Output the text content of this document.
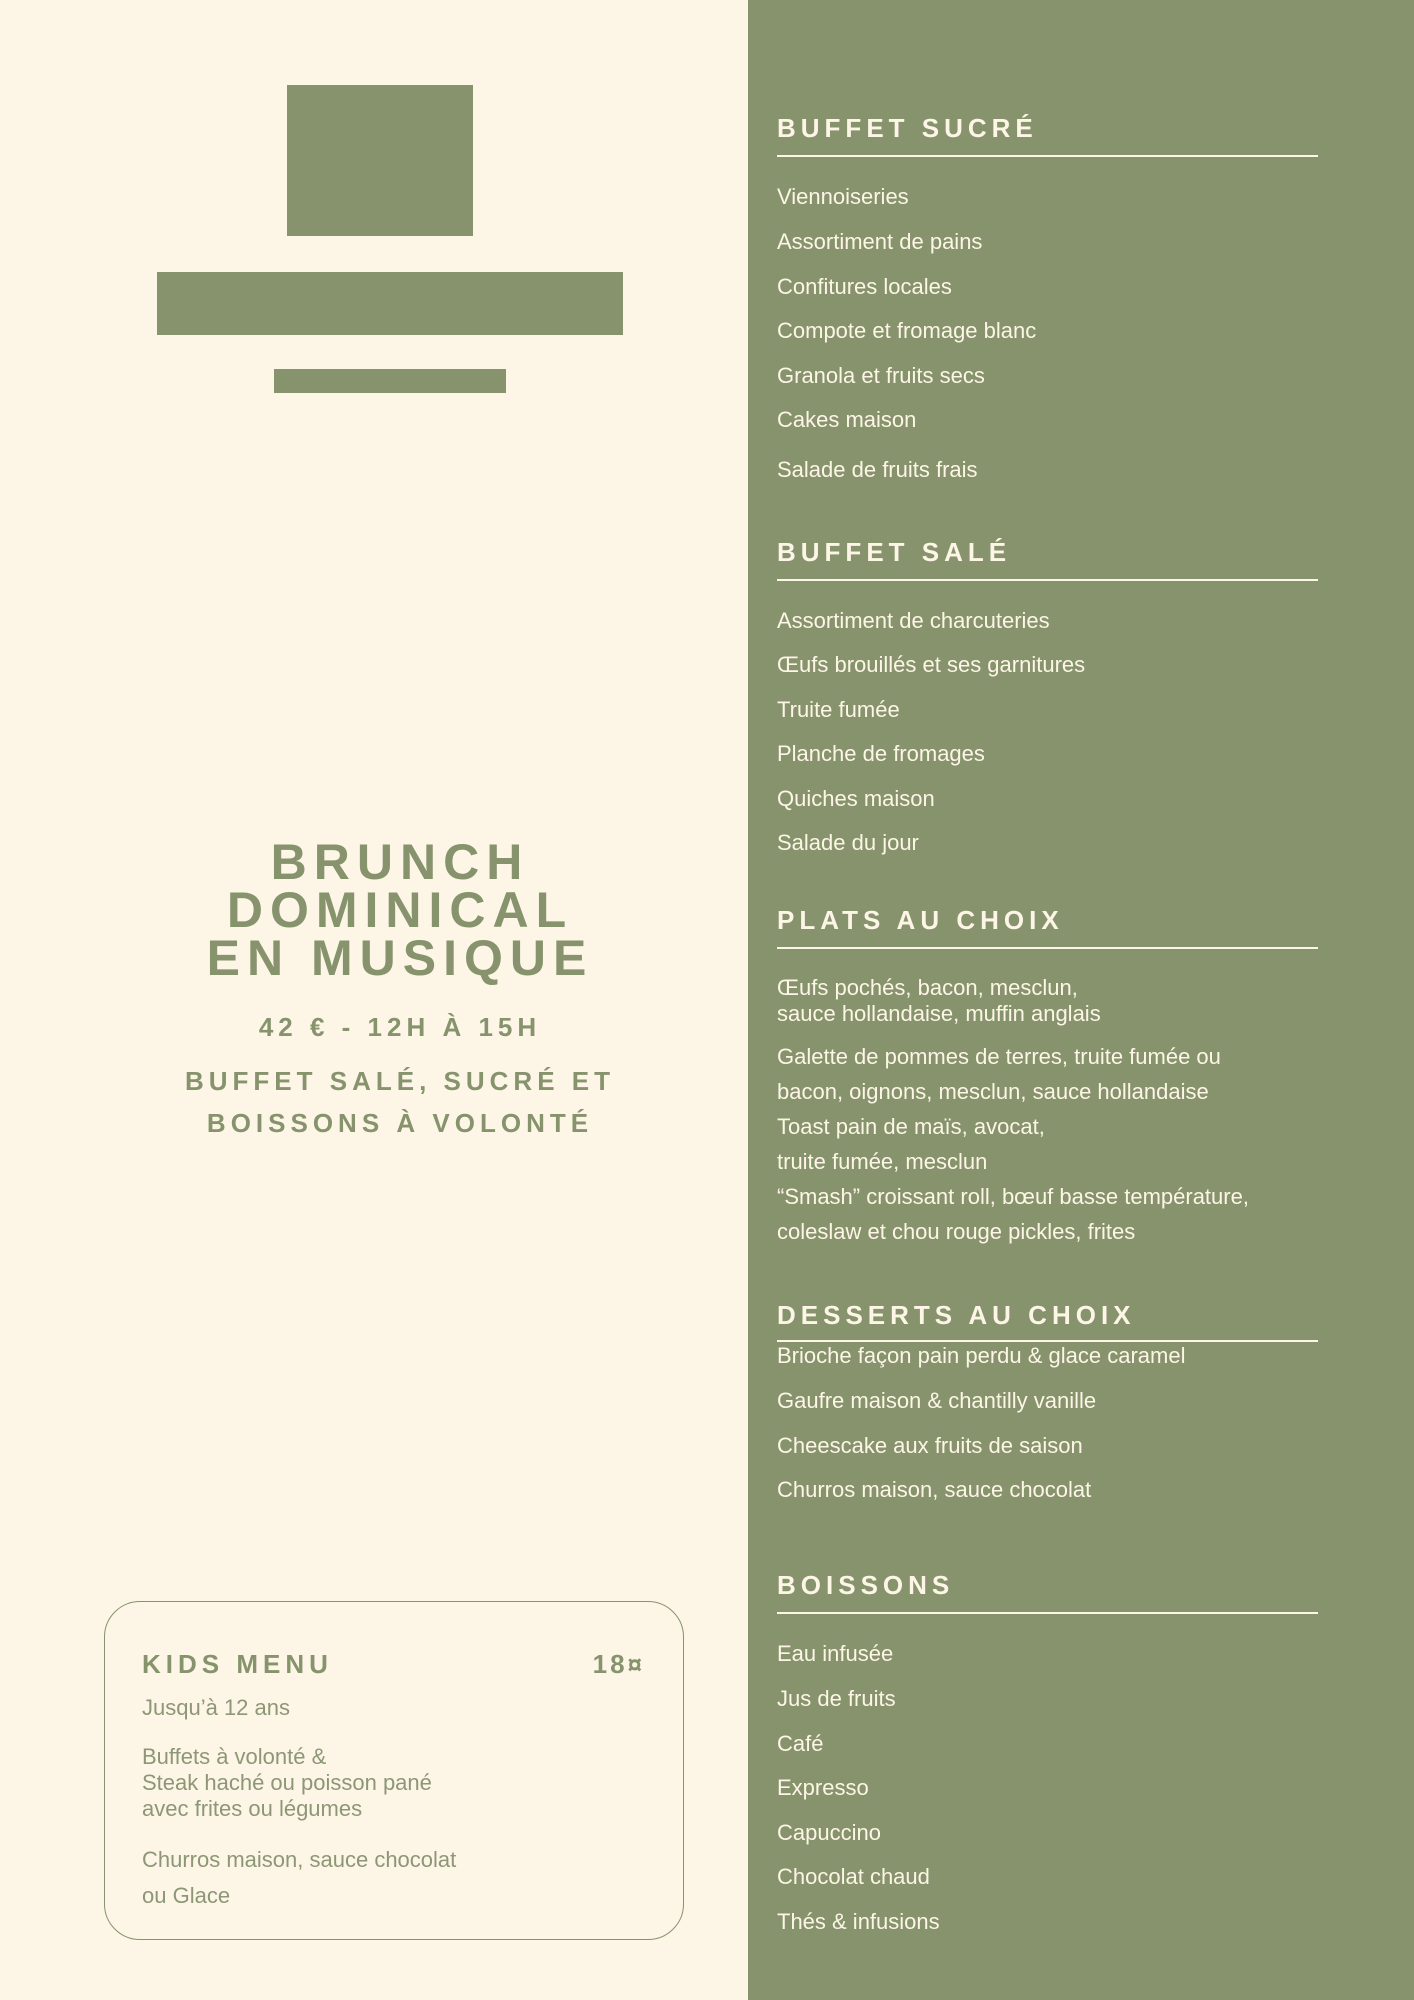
BRUNCH
DOMINICAL
EN MUSIQUE
42 € - 12H À 15H
BUFFET SALÉ, SUCRÉ ET
BOISSONS À VOLONTÉ
KIDS MENU	18¤
Jusqu’à 12 ans
Buffets à volonté &
Steak haché ou poisson pané
avec frites ou légumes
Churros maison, sauce chocolat
ou Glace
BUFFET SUCRÉ
Viennoiseries
Assortiment de pains
Confitures locales
Compote et fromage blanc
Granola et fruits secs
Cakes maison
Salade de fruits frais
BUFFET SALÉ
Assortiment de charcuteries
Œufs brouillés et ses garnitures
Truite fumée
Planche de fromages
Quiches maison
Salade du jour
PLATS AU CHOIX
Œufs pochés, bacon, mesclun,
sauce hollandaise, muffin anglais
Galette de pommes de terres, truite fumée ou
bacon, oignons, mesclun, sauce hollandaise
Toast pain de maïs, avocat,
truite fumée, mesclun
“Smash” croissant roll, bœuf basse température,
coleslaw et chou rouge pickles, frites
DESSERTS AU CHOIX
Brioche façon pain perdu & glace caramel
Gaufre maison & chantilly vanille
Cheescake aux fruits de saison
Churros maison, sauce chocolat
BOISSONS
Eau infusée
Jus de fruits
Café
Expresso
Capuccino
Chocolat chaud
Thés & infusions
